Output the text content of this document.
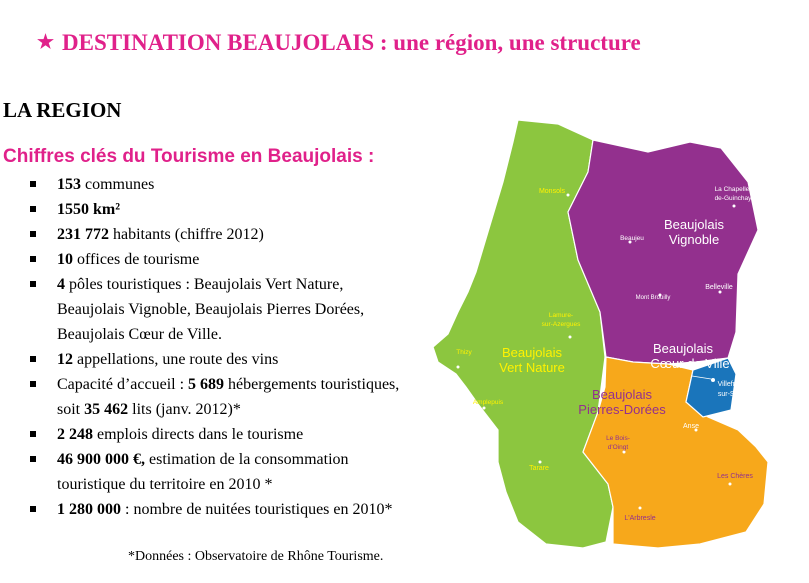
★ DESTINATION BEAUJOLAIS : une région, une structure
LA REGION
Chiffres clés du Tourisme en Beaujolais :
153 communes
1550 km²
231 772 habitants (chiffre 2012)
10 offices de tourisme
4 pôles touristiques : Beaujolais Vert Nature, Beaujolais Vignoble, Beaujolais Pierres Dorées, Beaujolais Cœur de Ville.
12 appellations, une route des vins
Capacité d’accueil : 5 689 hébergements touristiques, soit 35 462 lits (janv. 2012)*
2 248 emplois directs dans le tourisme
46 900 000 €, estimation de la consommation touristique du territoire en 2010 *
1 280 000 : nombre de nuitées touristiques en 2010*
*Données : Observatoire de Rhône Tourisme.
Beaujolais
Vert Nature
Beaujolais
Vignoble
Beaujolais
Cœur de Ville
Beaujolais
Pierres-Dorées
Monsols	La Chapelle-
de-Guinchay
Beaujeu
Mont Brouilly
Belleville
Lamure-
sur-Azergues
Thizy
Amplepuis
Tarare
Villefranche-
sur-Saône
Anse
Le Bois-
d'Oingt
Les Chères
L'Arbresle
